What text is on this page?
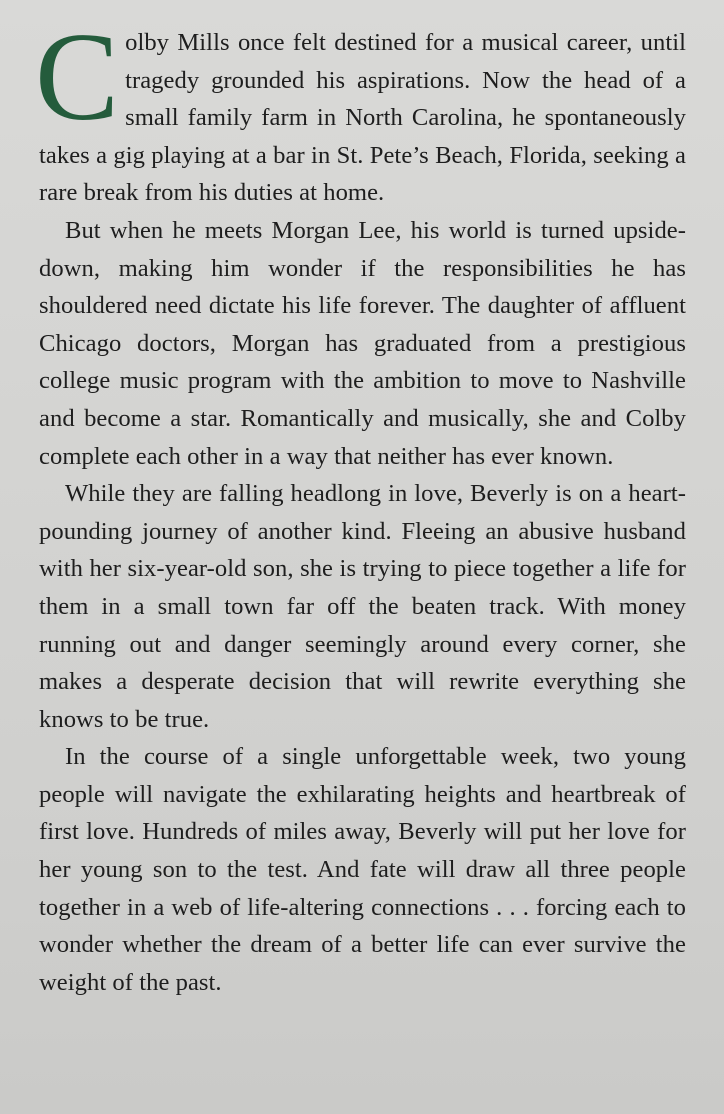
Colby Mills once felt destined for a musical career, until tragedy grounded his aspirations. Now the head of a small family farm in North Carolina, he spontaneously takes a gig playing at a bar in St. Pete’s Beach, Florida, seeking a rare break from his duties at home.

But when he meets Morgan Lee, his world is turned upside-down, making him wonder if the responsibilities he has shouldered need dictate his life forever. The daughter of affluent Chicago doctors, Morgan has graduated from a prestigious college music program with the ambition to move to Nashville and become a star. Romantically and musically, she and Colby complete each other in a way that neither has ever known.

While they are falling headlong in love, Beverly is on a heart-pounding journey of another kind. Fleeing an abusive husband with her six-year-old son, she is trying to piece together a life for them in a small town far off the beaten track. With money running out and danger seemingly around every corner, she makes a desperate decision that will rewrite everything she knows to be true.

In the course of a single unforgettable week, two young people will navigate the exhilarating heights and heartbreak of first love. Hundreds of miles away, Beverly will put her love for her young son to the test. And fate will draw all three people together in a web of life-altering connections . . . forcing each to wonder whether the dream of a better life can ever survive the weight of the past.
